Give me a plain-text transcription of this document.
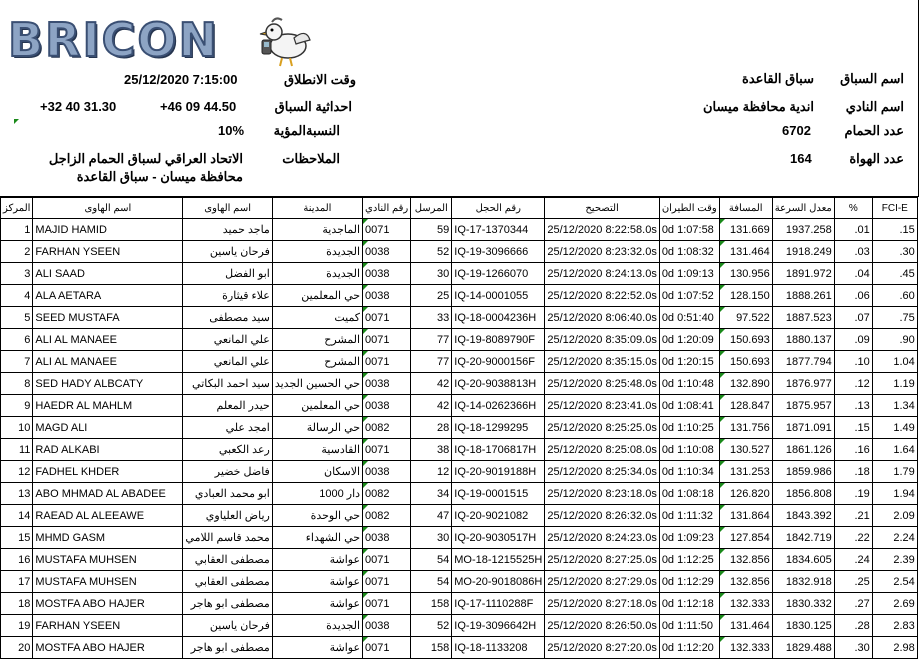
BRICON
اسم السباق
سباق القاعدة
اسم النادي
اندية محافظة ميسان
عدد الحمام
6702
عدد الهواة
164
وقت الانطلاق
25/12/2020 7:15:00
احداثية السباق
+46 09 44.50
+32 40 31.30
النسبةالمؤية
10%
الملاحظات
الاتحاد العراقي لسباق الحمام الزاجل
محافظة ميسان - سباق القاعدة
المركز	اسم الهاوى	اسم الهاوى	المدينة	رقم النادي	المرسل	رقم الحجل	التصحيح	وقت الطيران	المسافة	معدل السرعة	%	FCI-E
1	MAJID HAMID	ماجد حميد	الماجدية	0071	59	IQ-17-1370344	25/12/2020 8:22:58.0s	0d 1:07:58	131.669	1937.258	.01	.15
2	FARHAN YSEEN	فرحان ياسين	الجديدة	0038	52	IQ-19-3096666	25/12/2020 8:23:32.0s	0d 1:08:32	131.464	1918.249	.03	.30
3	ALI SAAD	ابو الفضل	الجديدة	0038	30	IQ-19-1266070	25/12/2020 8:24:13.0s	0d 1:09:13	130.956	1891.972	.04	.45
4	ALA AETARA	علاء قيثارة	حي المعلمين	0038	25	IQ-14-0001055	25/12/2020 8:22:52.0s	0d 1:07:52	128.150	1888.261	.06	.60
5	SEED MUSTAFA	سيد مصطفى	كميت	0071	33	IQ-18-0004236H	25/12/2020 8:06:40.0s	0d 0:51:40	97.522	1887.523	.07	.75
6	ALI AL MANAEE	علي المانعي	المشرح	0071	77	IQ-19-8089790F	25/12/2020 8:35:09.0s	0d 1:20:09	150.693	1880.137	.09	.90
7	ALI AL MANAEE	علي المانعي	المشرح	0071	77	IQ-20-9000156F	25/12/2020 8:35:15.0s	0d 1:20:15	150.693	1877.794	.10	1.04
8	SED HADY ALBCATY	سيد احمد البكاتي	حي الحسين الجديد	0038	42	IQ-20-9038813H	25/12/2020 8:25:48.0s	0d 1:10:48	132.890	1876.977	.12	1.19
9	HAEDR AL MAHLM	حيدر المعلم	حي المعلمين	0038	42	IQ-14-0262366H	25/12/2020 8:23:41.0s	0d 1:08:41	128.847	1875.957	.13	1.34
10	MAGD ALI	امجد علي	حي الرسالة	0082	28	IQ-18-1299295	25/12/2020 8:25:25.0s	0d 1:10:25	131.756	1871.091	.15	1.49
11	RAD ALKABI	رعد الكعبي	القادسية	0071	38	IQ-18-1706817H	25/12/2020 8:25:08.0s	0d 1:10:08	130.527	1861.126	.16	1.64
12	FADHEL KHDER	فاضل خضير	الاسكان	0038	12	IQ-20-9019188H	25/12/2020 8:25:34.0s	0d 1:10:34	131.253	1859.986	.18	1.79
13	ABO MHMAD AL ABADEE	ابو محمد العبادي	دار 1000	0082	34	IQ-19-0001515	25/12/2020 8:23:18.0s	0d 1:08:18	126.820	1856.808	.19	1.94
14	RAEAD AL ALEEAWE	رياض العلياوي	حي الوحدة	0082	47	IQ-20-9021082	25/12/2020 8:26:32.0s	0d 1:11:32	131.864	1843.392	.21	2.09
15	MHMD GASM	محمد قاسم اللامي	حي الشهداء	0038	30	IQ-20-9030517H	25/12/2020 8:24:23.0s	0d 1:09:23	127.854	1842.719	.22	2.24
16	MUSTAFA MUHSEN	مصطفى العقابي	عواشة	0071	54	MO-18-1215525H	25/12/2020 8:27:25.0s	0d 1:12:25	132.856	1834.605	.24	2.39
17	MUSTAFA MUHSEN	مصطفى العقابي	عواشة	0071	54	MO-20-9018086H	25/12/2020 8:27:29.0s	0d 1:12:29	132.856	1832.918	.25	2.54
18	MOSTFA ABO HAJER	مصطفى ابو هاجر	عواشة	0071	158	IQ-17-1110288F	25/12/2020 8:27:18.0s	0d 1:12:18	132.333	1830.332	.27	2.69
19	FARHAN YSEEN	فرحان ياسين	الجديدة	0038	52	IQ-19-3096642H	25/12/2020 8:26:50.0s	0d 1:11:50	131.464	1830.125	.28	2.83
20	MOSTFA ABO HAJER	مصطفى ابو هاجر	عواشة	0071	158	IQ-18-1133208	25/12/2020 8:27:20.0s	0d 1:12:20	132.333	1829.488	.30	2.98
